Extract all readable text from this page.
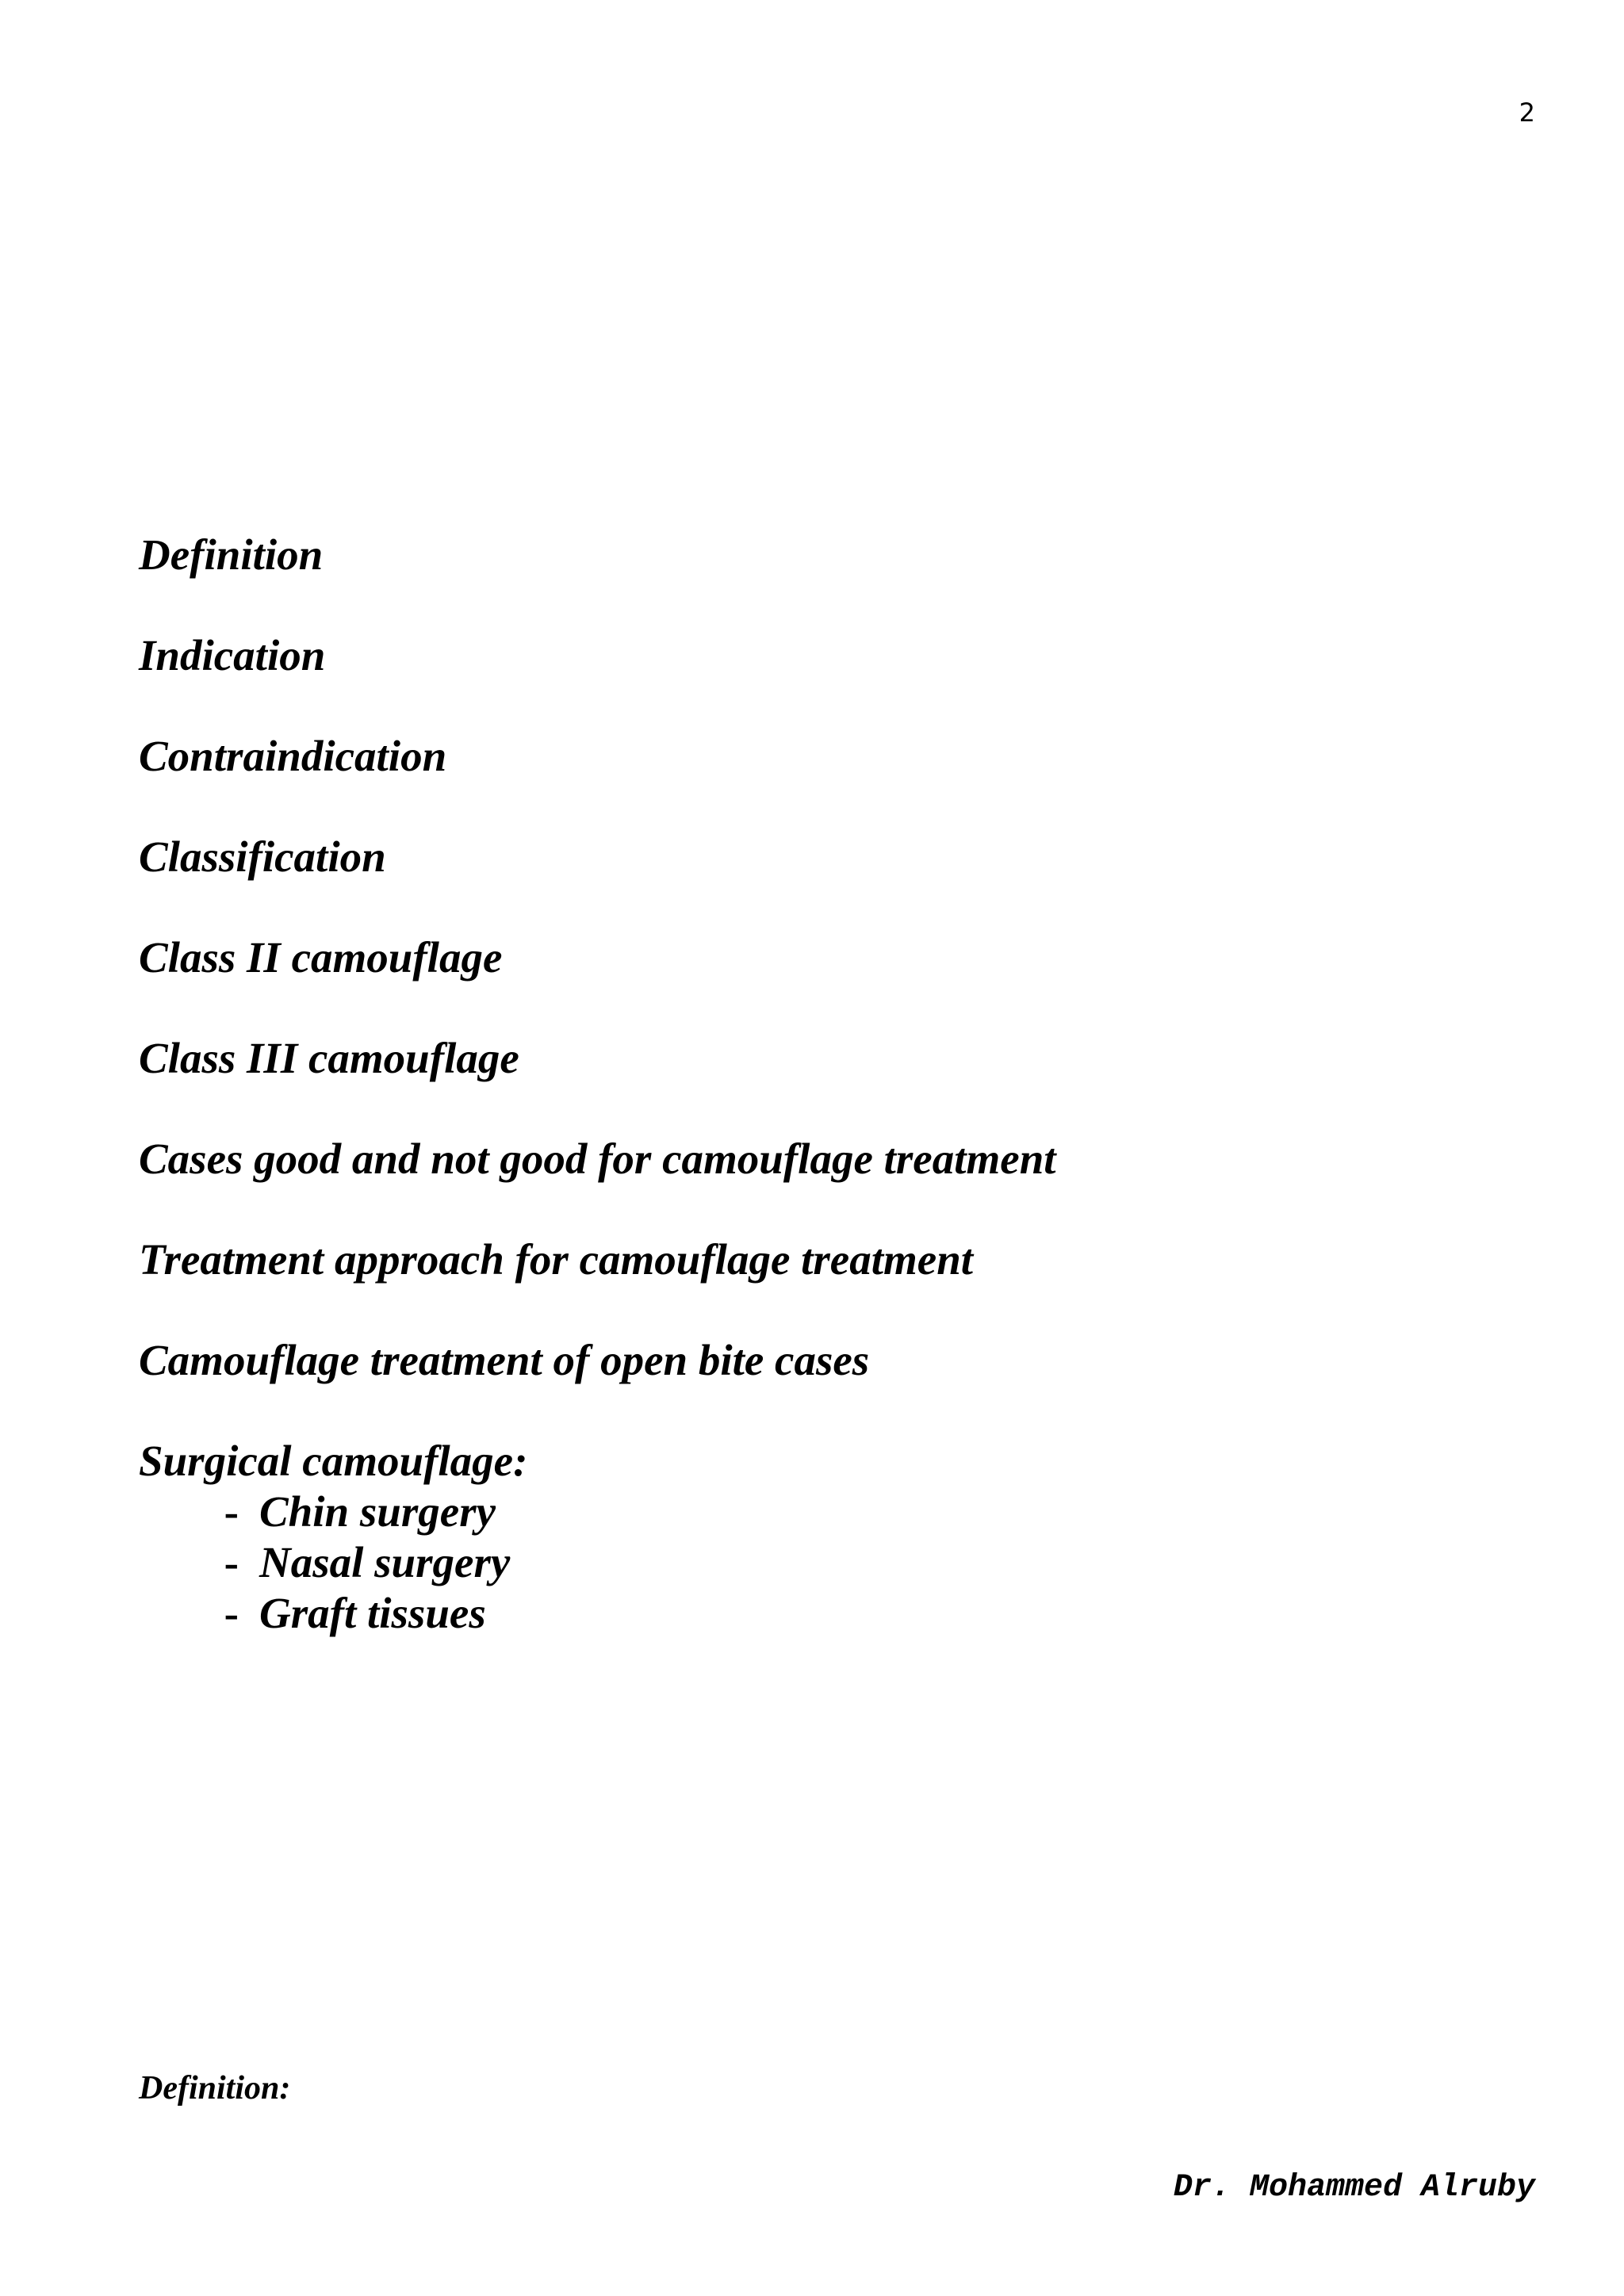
2
Definition
Indication
Contraindication
Classification
Class II camouflage
Class III camouflage
Cases good and not good for camouflage treatment
Treatment approach for camouflage treatment
Camouflage treatment of open bite cases
Surgical camouflage:
- Chin surgery
- Nasal surgery
- Graft tissues
Definition:
Dr. Mohammed Alruby
